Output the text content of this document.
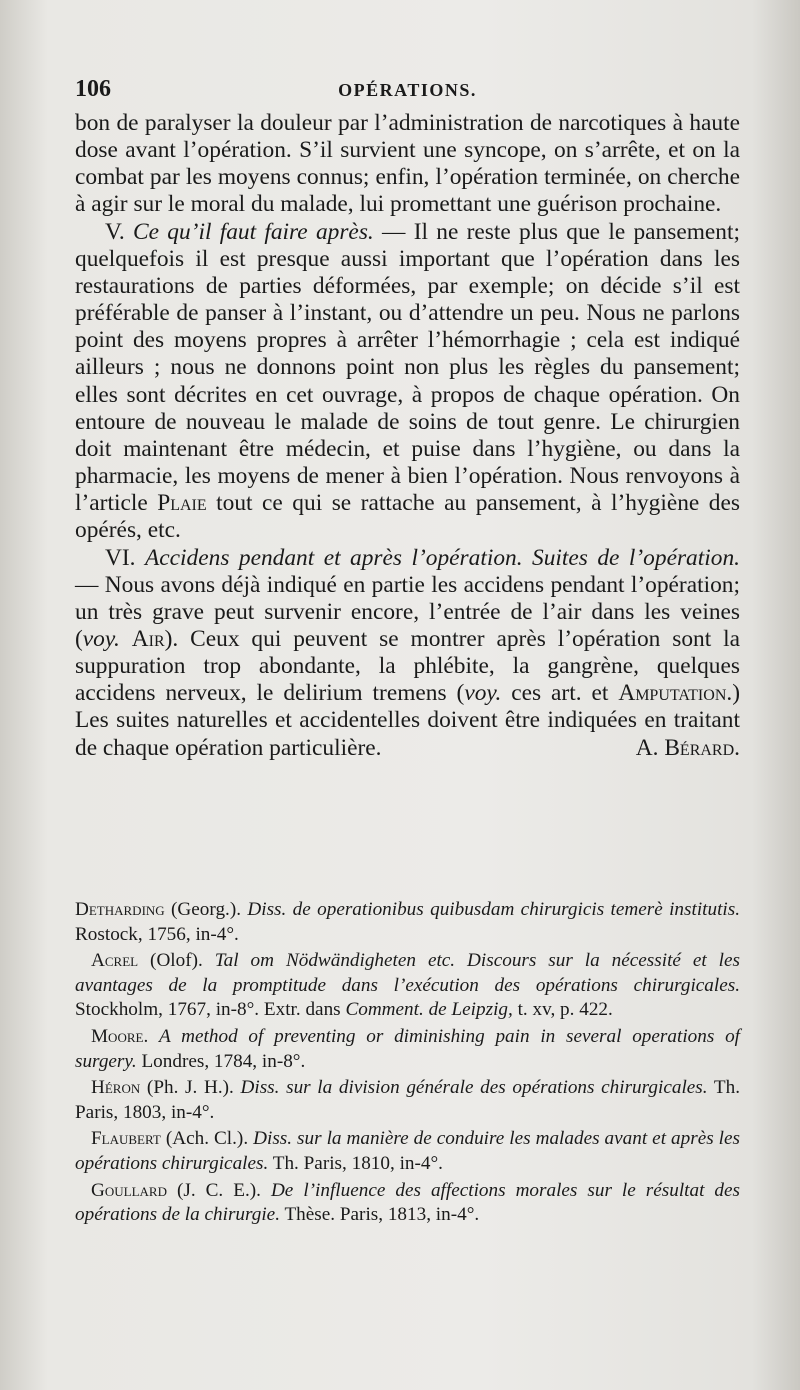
106	OPÉRATIONS.

bon de paralyser la douleur par l’administration de narcotiques à haute dose avant l’opération. S’il survient une syncope, on s’arrête, et on la combat par les moyens connus; enfin, l’opération terminée, on cherche à agir sur le moral du malade, lui promettant une guérison prochaine.

V. Ce qu’il faut faire après. — Il ne reste plus que le pansement; quelquefois il est presque aussi important que l’opération dans les restaurations de parties déformées, par exemple; on décide s’il est préférable de panser à l’instant, ou d’attendre un peu. Nous ne parlons point des moyens propres à arrêter l’hémorrhagie ; cela est indiqué ailleurs ; nous ne donnons point non plus les règles du pansement; elles sont décrites en cet ouvrage, à propos de chaque opération. On entoure de nouveau le malade de soins de tout genre. Le chirurgien doit maintenant être médecin, et puise dans l’hygiène, ou dans la pharmacie, les moyens de mener à bien l’opération. Nous renvoyons à l’article Plaie tout ce qui se rattache au pansement, à l’hygiène des opérés, etc.

VI. Accidens pendant et après l’opération. Suites de l’opération. — Nous avons déjà indiqué en partie les accidens pendant l’opération; un très grave peut survenir encore, l’entrée de l’air dans les veines (voy. Air). Ceux qui peuvent se montrer après l’opération sont la suppuration trop abondante, la phlébite, la gangrène, quelques accidens nerveux, le delirium tremens (voy. ces art. et Amputation.) Les suites naturelles et accidentelles doivent être indiquées en traitant de chaque opération particulière.	A. Bérard.

Detharding (Georg.). Diss. de operationibus quibusdam chirurgicis temerè institutis. Rostock, 1756, in-4°.

Acrel (Olof). Tal om Nödwändigheten etc. Discours sur la nécessité et les avantages de la promptitude dans l’exécution des opérations chirurgicales. Stockholm, 1767, in-8°. Extr. dans Comment. de Leipzig, t. xv, p. 422.

Moore. A method of preventing or diminishing pain in several operations of surgery. Londres, 1784, in-8°.

Héron (Ph. J. H.). Diss. sur la division générale des opérations chirurgicales. Th. Paris, 1803, in-4°.

Flaubert (Ach. Cl.). Diss. sur la manière de conduire les malades avant et après les opérations chirurgicales. Th. Paris, 1810, in-4°.

Goullard (J. C. E.). De l’influence des affections morales sur le résultat des opérations de la chirurgie. Thèse. Paris, 1813, in-4°.
